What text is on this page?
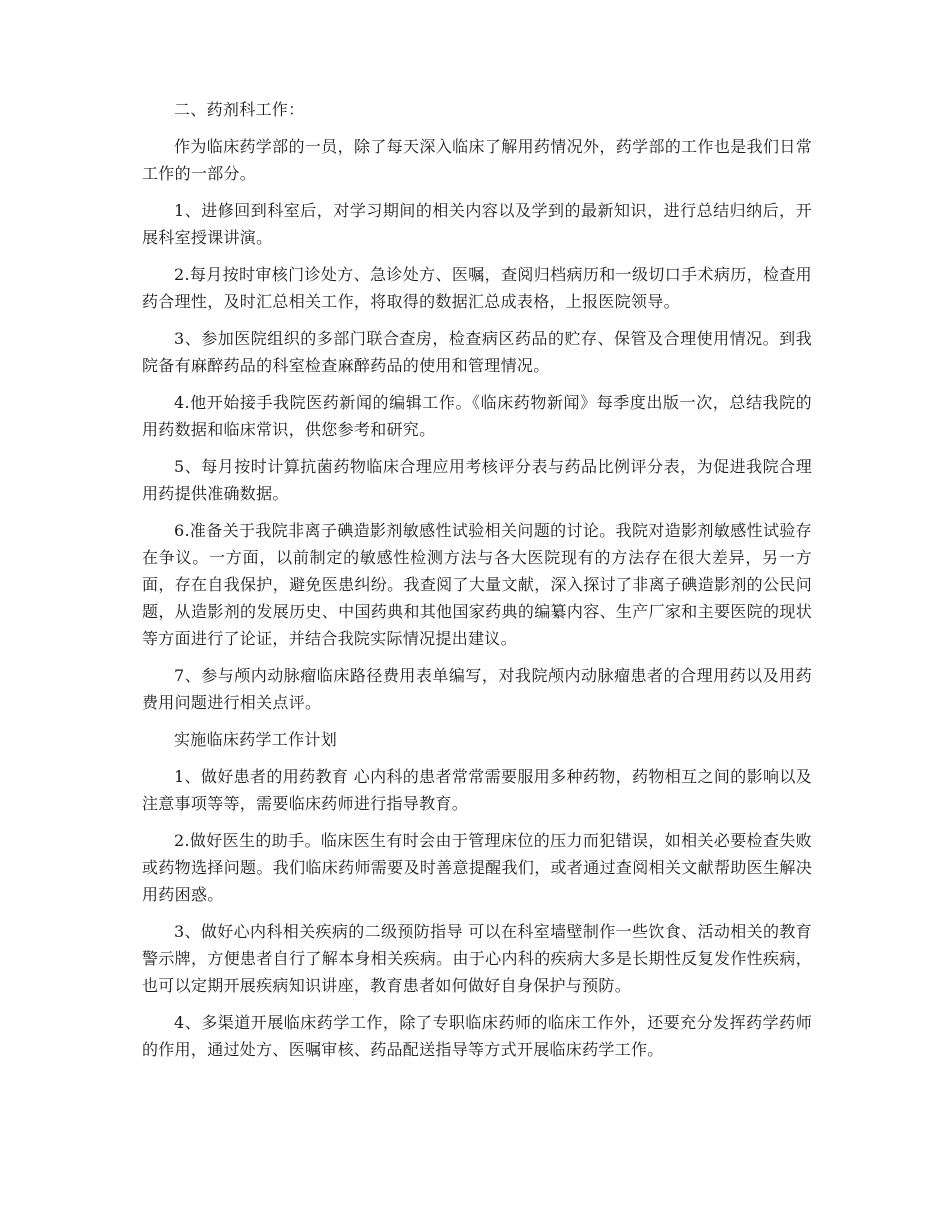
二、药剂科工作：

作为临床药学部的一员，除了每天深入临床了解用药情况外，药学部的工作也是我们日常工作的一部分。

1、进修回到科室后，对学习期间的相关内容以及学到的最新知识，进行总结归纳后，开展科室授课讲演。

2.每月按时审核门诊处方、急诊处方、医嘱，查阅归档病历和一级切口手术病历，检查用药合理性，及时汇总相关工作，将取得的数据汇总成表格，上报医院领导。

3、参加医院组织的多部门联合查房，检查病区药品的贮存、保管及合理使用情况。到我院备有麻醉药品的科室检查麻醉药品的使用和管理情况。

4.他开始接手我院医药新闻的编辑工作。《临床药物新闻》每季度出版一次，总结我院的用药数据和临床常识，供您参考和研究。

5、每月按时计算抗菌药物临床合理应用考核评分表与药品比例评分表，为促进我院合理用药提供准确数据。

6.准备关于我院非离子碘造影剂敏感性试验相关问题的讨论。我院对造影剂敏感性试验存在争议。一方面，以前制定的敏感性检测方法与各大医院现有的方法存在很大差异，另一方面，存在自我保护，避免医患纠纷。我查阅了大量文献，深入探讨了非离子碘造影剂的公民问题，从造影剂的发展历史、中国药典和其他国家药典的编纂内容、生产厂家和主要医院的现状等方面进行了论证，并结合我院实际情况提出建议。

7、参与颅内动脉瘤临床路径费用表单编写，对我院颅内动脉瘤患者的合理用药以及用药费用问题进行相关点评。

实施临床药学工作计划

1、做好患者的用药教育 心内科的患者常常需要服用多种药物，药物相互之间的影响以及注意事项等等，需要临床药师进行指导教育。

2.做好医生的助手。临床医生有时会由于管理床位的压力而犯错误，如相关必要检查失败或药物选择问题。我们临床药师需要及时善意提醒我们，或者通过查阅相关文献帮助医生解决用药困惑。

3、做好心内科相关疾病的二级预防指导 可以在科室墙壁制作一些饮食、活动相关的教育警示牌，方便患者自行了解本身相关疾病。由于心内科的疾病大多是长期性反复发作性疾病，也可以定期开展疾病知识讲座，教育患者如何做好自身保护与预防。

4、多渠道开展临床药学工作，除了专职临床药师的临床工作外，还要充分发挥药学药师的作用，通过处方、医嘱审核、药品配送指导等方式开展临床药学工作。
